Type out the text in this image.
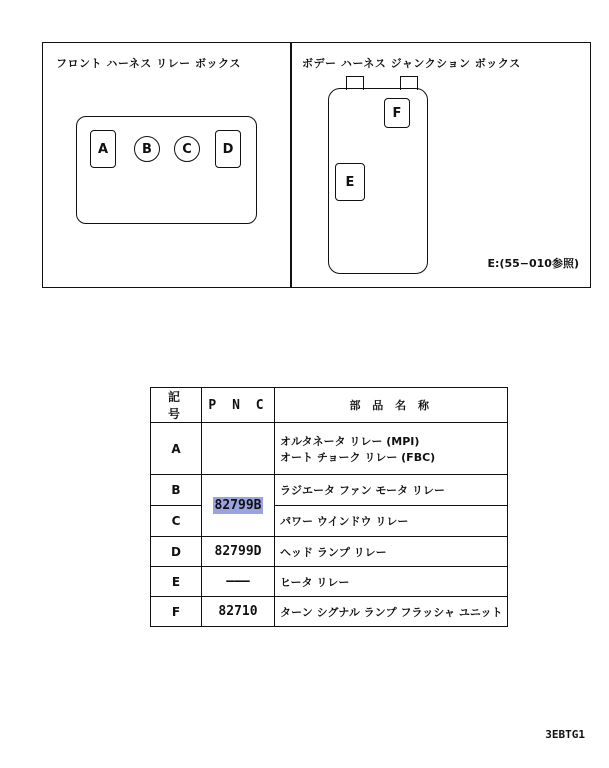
フロント ハーネス リレー ボックス	ボデー ハーネス ジャンクション ボックス
A	B	C	D
F
E
E:(55−010参照)
記 号	P N C	部 品 名 称
A		オルタネータ リレー (MPI)
オート チョーク リレー (FBC)

B	82799B	ラジエータ ファン モータ リレー
C		パワー ウインドウ リレー
D	82799D	ヘッド ランプ リレー
E	———	ヒータ リレー
F	82710	ターン シグナル ランプ フラッシャ ユニット
3EBTG1
